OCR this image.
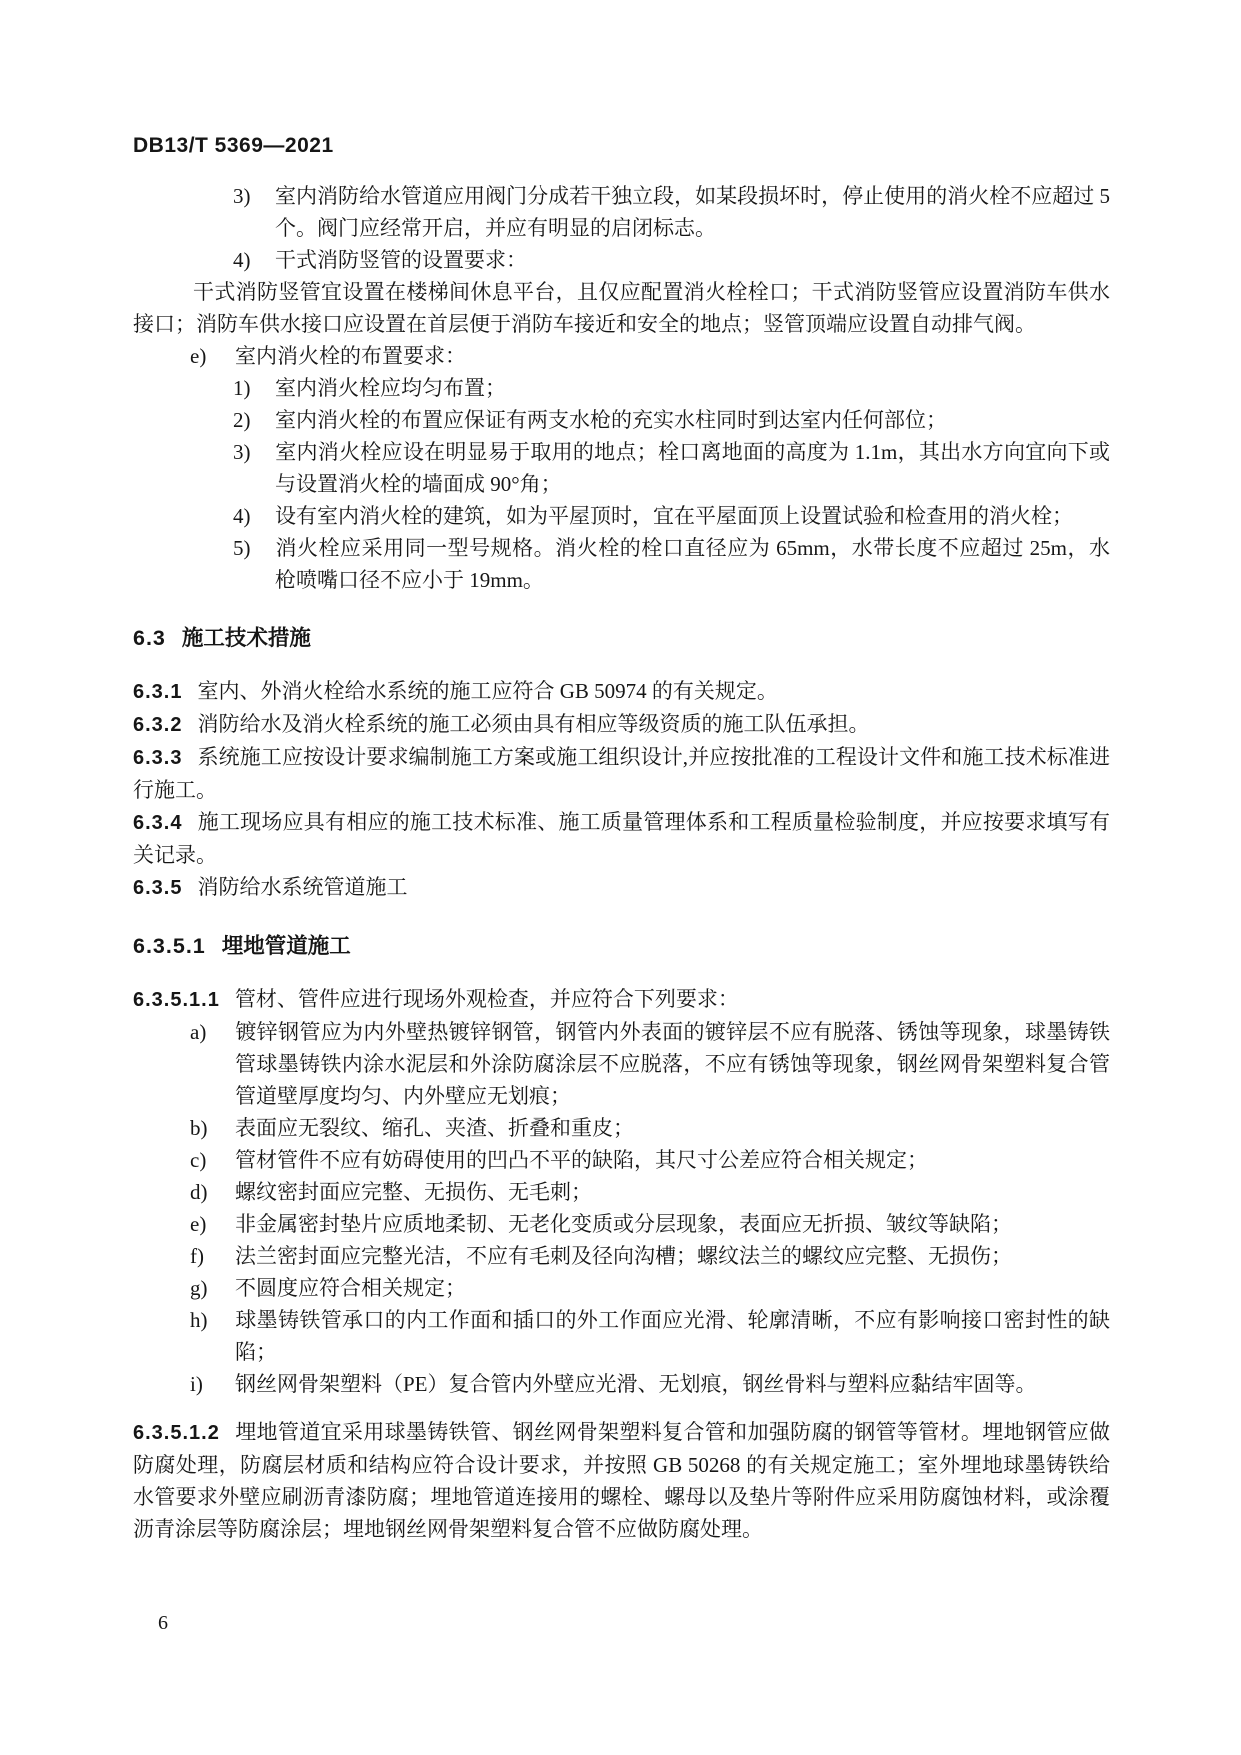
DB13/T 5369—2021

3) 室内消防给水管道应用阀门分成若干独立段，如某段损坏时，停止使用的消火栓不应超过 5 个。阀门应经常开启，并应有明显的启闭标志。

4) 干式消防竖管的设置要求：

干式消防竖管宜设置在楼梯间休息平台，且仅应配置消火栓栓口；干式消防竖管应设置消防车供水接口；消防车供水接口应设置在首层便于消防车接近和安全的地点；竖管顶端应设置自动排气阀。

e) 室内消火栓的布置要求：

1) 室内消火栓应均匀布置；

2) 室内消火栓的布置应保证有两支水枪的充实水柱同时到达室内任何部位；

3) 室内消火栓应设在明显易于取用的地点；栓口离地面的高度为 1.1m，其出水方向宜向下或与设置消火栓的墙面成 90°角；

4) 设有室内消火栓的建筑，如为平屋顶时，宜在平屋面顶上设置试验和检查用的消火栓；

5) 消火栓应采用同一型号规格。消火栓的栓口直径应为 65mm，水带长度不应超过 25m，水枪喷嘴口径不应小于 19mm。

6.3 施工技术措施

6.3.1 室内、外消火栓给水系统的施工应符合 GB 50974 的有关规定。

6.3.2 消防给水及消火栓系统的施工必须由具有相应等级资质的施工队伍承担。

6.3.3 系统施工应按设计要求编制施工方案或施工组织设计,并应按批准的工程设计文件和施工技术标准进行施工。

6.3.4 施工现场应具有相应的施工技术标准、施工质量管理体系和工程质量检验制度，并应按要求填写有关记录。

6.3.5 消防给水系统管道施工

6.3.5.1 埋地管道施工

6.3.5.1.1 管材、管件应进行现场外观检查，并应符合下列要求：

a) 镀锌钢管应为内外壁热镀锌钢管，钢管内外表面的镀锌层不应有脱落、锈蚀等现象，球墨铸铁管球墨铸铁内涂水泥层和外涂防腐涂层不应脱落，不应有锈蚀等现象，钢丝网骨架塑料复合管管道壁厚度均匀、内外壁应无划痕；

b) 表面应无裂纹、缩孔、夹渣、折叠和重皮；

c) 管材管件不应有妨碍使用的凹凸不平的缺陷，其尺寸公差应符合相关规定；

d) 螺纹密封面应完整、无损伤、无毛刺；

e) 非金属密封垫片应质地柔韧、无老化变质或分层现象，表面应无折损、皱纹等缺陷；

f) 法兰密封面应完整光洁，不应有毛刺及径向沟槽；螺纹法兰的螺纹应完整、无损伤；

g) 不圆度应符合相关规定；

h) 球墨铸铁管承口的内工作面和插口的外工作面应光滑、轮廓清晰，不应有影响接口密封性的缺陷；

i) 钢丝网骨架塑料（PE）复合管内外壁应光滑、无划痕，钢丝骨料与塑料应黏结牢固等。

6.3.5.1.2 埋地管道宜采用球墨铸铁管、钢丝网骨架塑料复合管和加强防腐的钢管等管材。埋地钢管应做防腐处理，防腐层材质和结构应符合设计要求，并按照 GB 50268 的有关规定施工；室外埋地球墨铸铁给水管要求外壁应刷沥青漆防腐；埋地管道连接用的螺栓、螺母以及垫片等附件应采用防腐蚀材料，或涂覆沥青涂层等防腐涂层；埋地钢丝网骨架塑料复合管不应做防腐处理。

6
